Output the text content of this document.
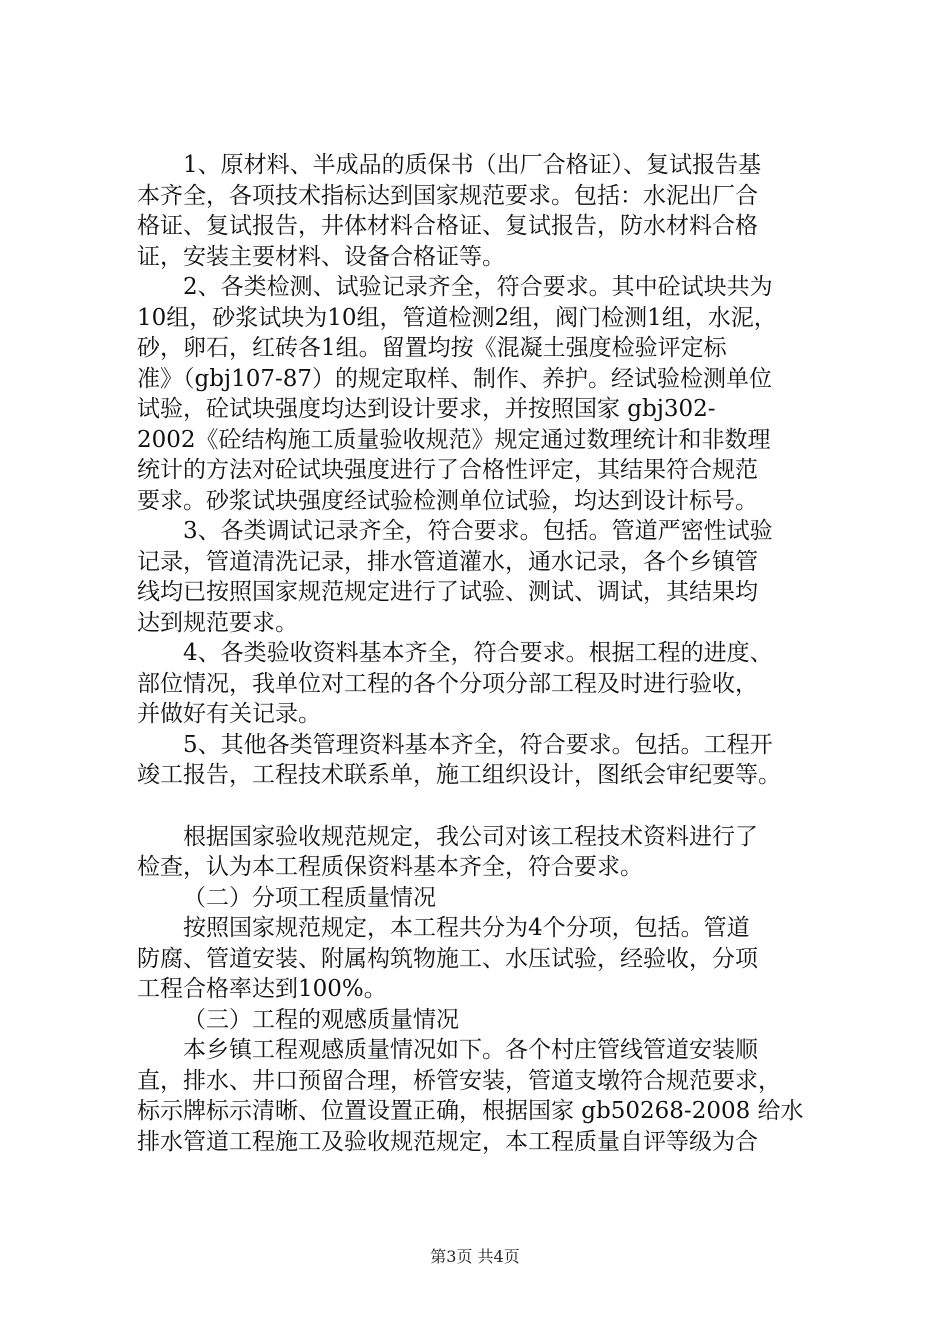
1、原材料、半成品的质保书（出厂合格证）、复试报告基
本齐全，各项技术指标达到国家规范要求。包括：水泥出厂合
格证、复试报告，井体材料合格证、复试报告，防水材料合格
证，安装主要材料、设备合格证等。

2、各类检测、试验记录齐全，符合要求。其中砼试块共为
10组，砂浆试块为10组，管道检测2组，阀门检测1组，水泥，
砂，卵石，红砖各1组。留置均按《混凝土强度检验评定标
准》（gbj107-87）的规定取样、制作、养护。经试验检测单位
试验，砼试块强度均达到设计要求，并按照国家 gbj302-
2002《砼结构施工质量验收规范》规定通过数理统计和非数理
统计的方法对砼试块强度进行了合格性评定，其结果符合规范
要求。砂浆试块强度经试验检测单位试验，均达到设计标号。

3、各类调试记录齐全，符合要求。包括。管道严密性试验
记录，管道清洗记录，排水管道灌水，通水记录，各个乡镇管
线均已按照国家规范规定进行了试验、测试、调试，其结果均
达到规范要求。

4、各类验收资料基本齐全，符合要求。根据工程的进度、
部位情况，我单位对工程的各个分项分部工程及时进行验收，
并做好有关记录。

5、其他各类管理资料基本齐全，符合要求。包括。工程开
竣工报告，工程技术联系单，施工组织设计，图纸会审纪要等。

根据国家验收规范规定，我公司对该工程技术资料进行了
检查，认为本工程质保资料基本齐全，符合要求。

（二）分项工程质量情况

按照国家规范规定，本工程共分为4个分项，包括。管道
防腐、管道安装、附属构筑物施工、水压试验，经验收，分项
工程合格率达到100%。

（三）工程的观感质量情况

本乡镇工程观感质量情况如下。各个村庄管线管道安装顺
直，排水、井口预留合理，桥管安装，管道支墩符合规范要求，
标示牌标示清晰、位置设置正确，根据国家 gb50268-2008 给水
排水管道工程施工及验收规范规定，本工程质量自评等级为合

第3页 共4页
